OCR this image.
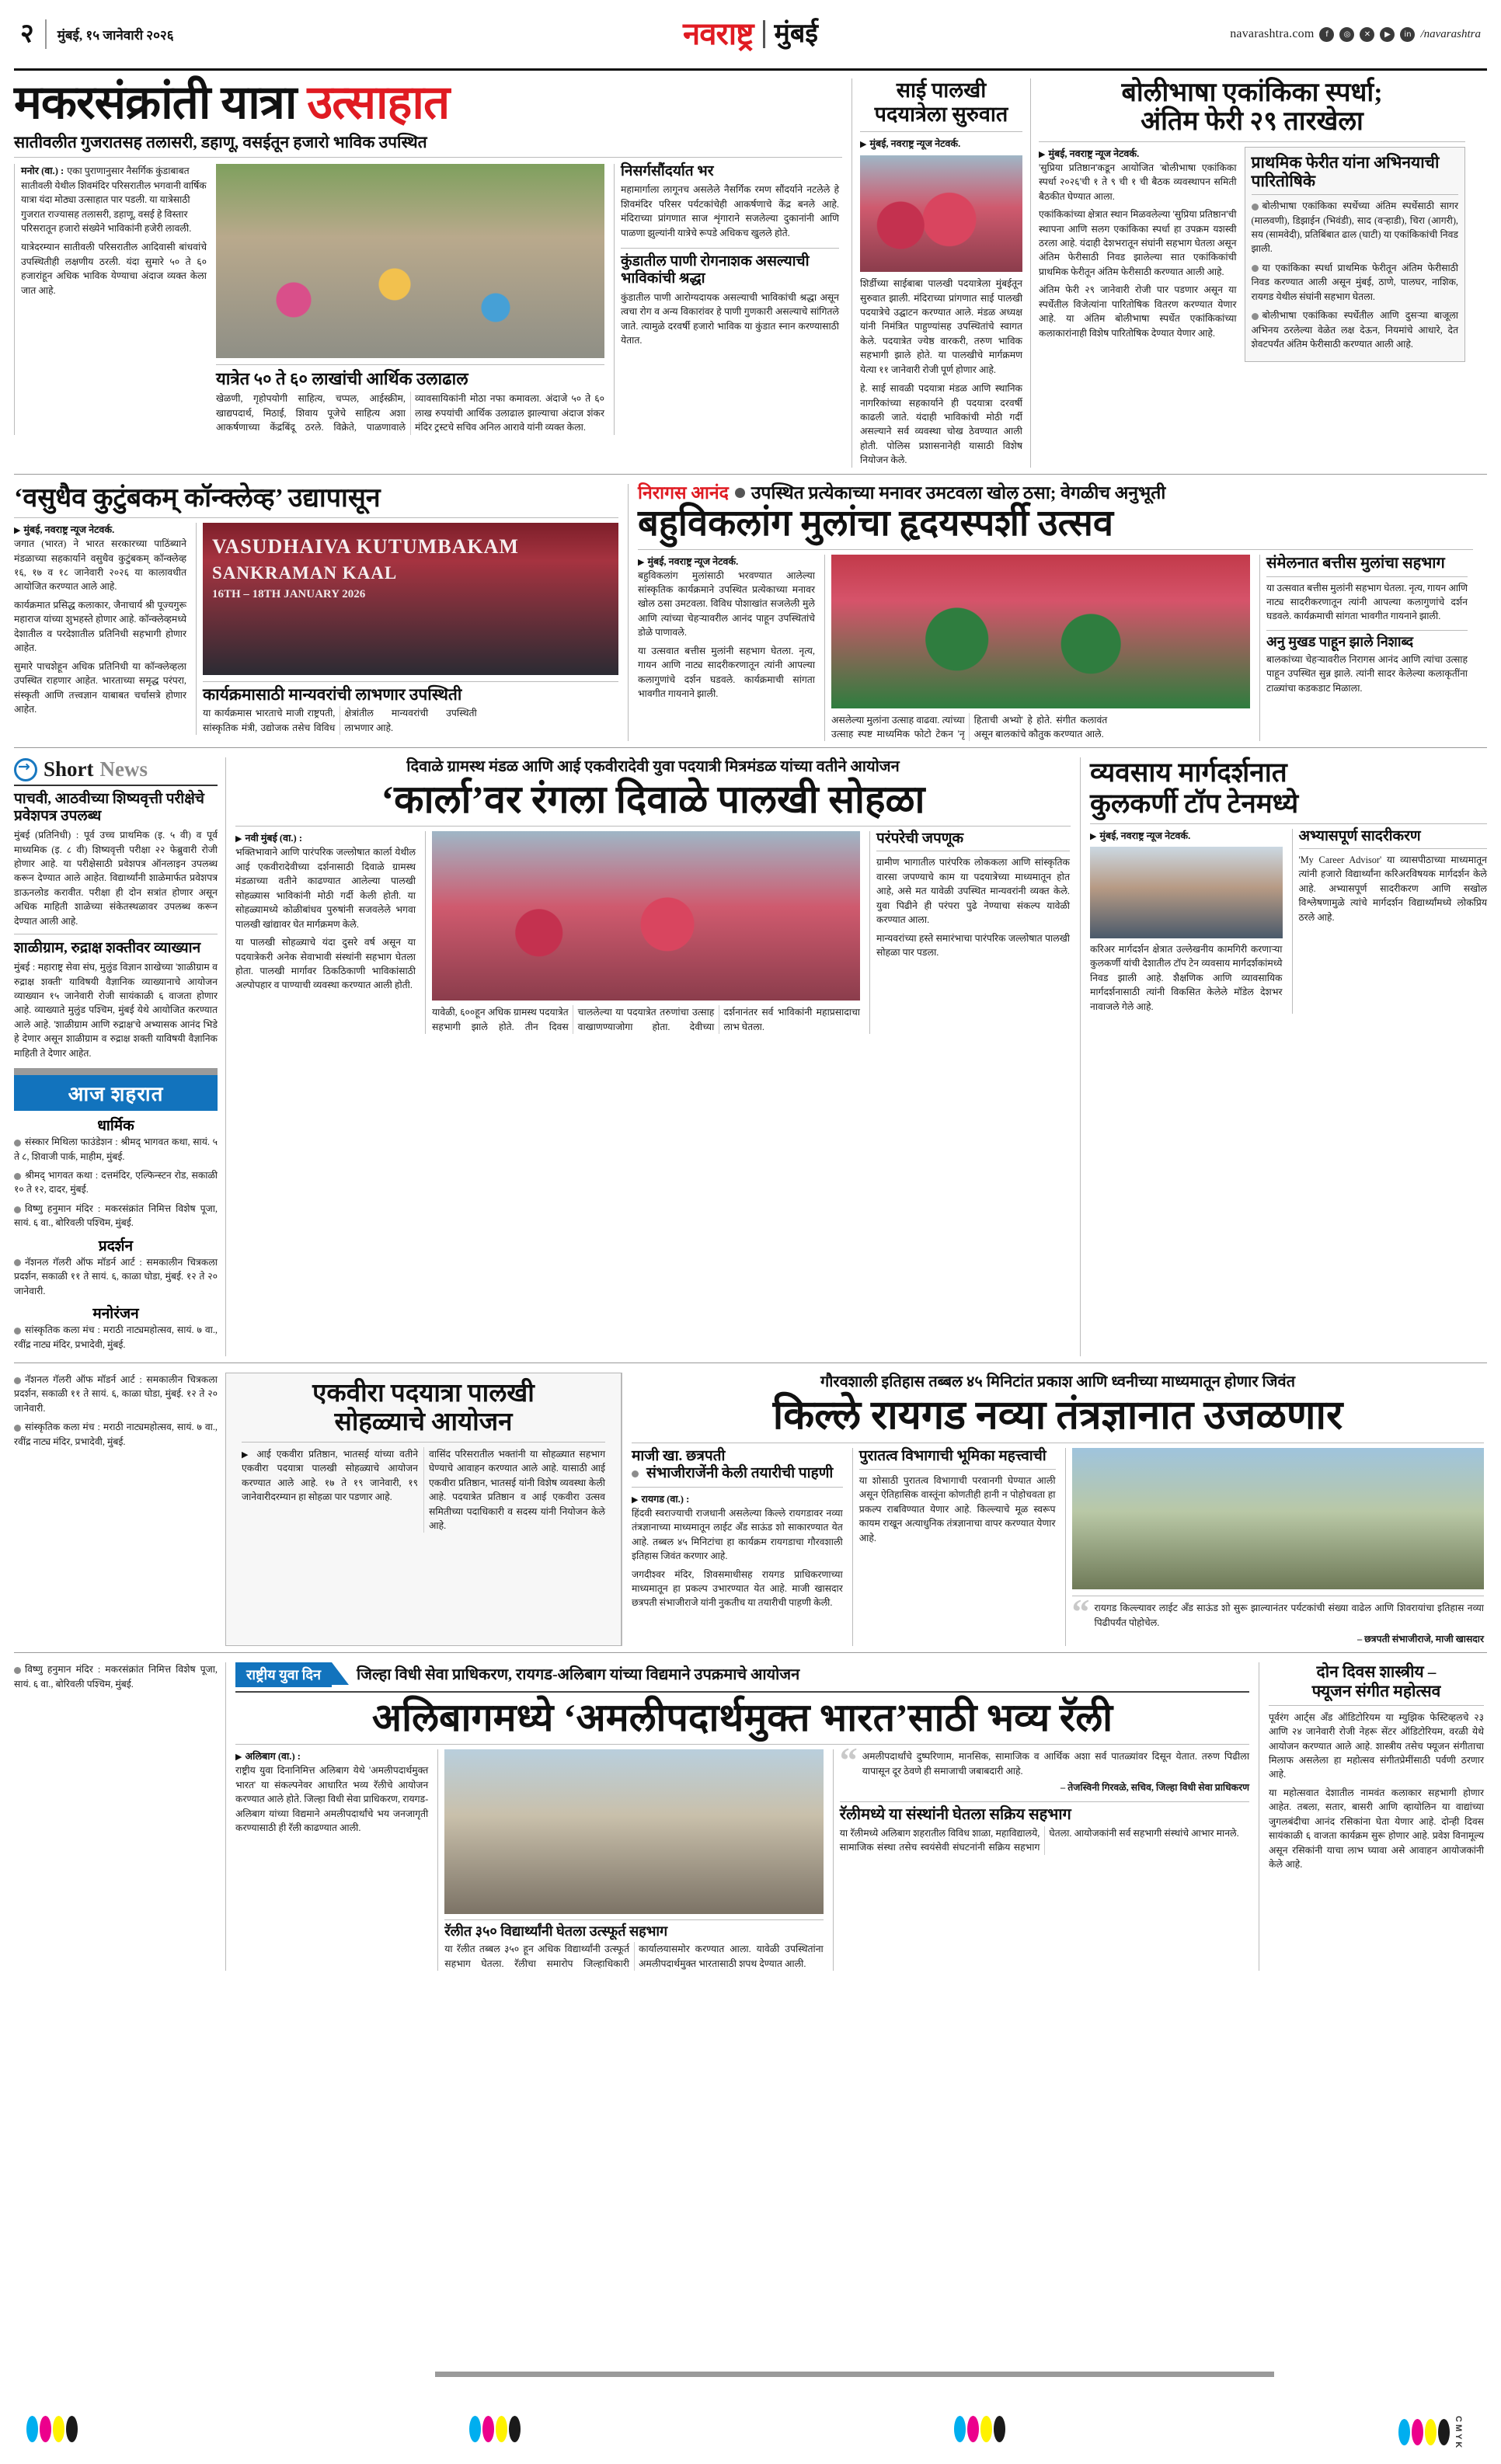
२ मुंबई, १५ जानेवारी २०२६	नवराष्ट्र मुंबई	navarashtra.com	f	◎	✕	▶	in /navarashtra
मकरसंक्रांती यात्रा उत्साहात
सातीवलीत गुजरातसह तलासरी, डहाणू, वसईतून हजारो भाविक उपस्थित
मनोर (वा.) : एका पुराणानुसार नैसर्गिक कुंडाबाबत सातीवली येथील शिवमंदिर परिसरातील भगवानी वार्षिक यात्रा यंदा मोठ्या उत्साहात पार पडली. या यात्रेसाठी गुजरात राज्यासह तलासरी, डहाणू, वसई हे विस्तार परिसरातून हजारो संख्येने भाविकांनी हजेरी लावली.

यात्रेदरम्यान सातीवली परिसरातील आदिवासी बांधवांचे उपस्थितीही लक्षणीय ठरली. यंदा सुमारे ५० ते ६० हजारांहून अधिक भाविक येण्याचा अंदाज व्यक्त केला जात आहे.

यात्रेत ५० ते ६० लाखांची आर्थिक उलाढाल

खेळणी, गृहोपयोगी साहित्य, चप्पल, आईस्क्रीम, खाद्यपदार्थ, मिठाई, शिवाय पूजेचे साहित्य अशा आकर्षणाच्या केंद्रबिंदू ठरले. विक्रेते, पाळणावाले व्यावसायिकांनी मोठा नफा कमावला. अंदाजे ५० ते ६० लाख रुपयांची आर्थिक उलाढाल झाल्याचा अंदाज शंकर मंदिर ट्रस्टचे सचिव अनिल आरावे यांनी व्यक्त केला.

निसर्गसौंदर्यात भर

महामार्गाला लागूनच असलेले नैसर्गिक रमण सौंदर्याने नटलेले हे शिवमंदिर परिसर पर्यटकांचेही आकर्षणाचे केंद्र बनले आहे. मंदिराच्या प्रांगणात साज शृंगाराने सजलेल्या दुकानांनी आणि पाळणा झुल्यांनी यात्रेचे रूपडे अधिकच खुलले होते.

कुंडातील पाणी रोगनाशक असल्याची भाविकांची श्रद्धा

कुंडातील पाणी आरोग्यदायक असल्याची भाविकांची श्रद्धा असून त्वचा रोग व अन्य विकारांवर हे पाणी गुणकारी असल्याचे सांगितले जाते. त्यामुळे दरवर्षी हजारो भाविक या कुंडात स्नान करण्यासाठी येतात.

साई पालखी पदयात्रेला सुरुवात
▶ मुंबई, नवराष्ट्र न्यूज नेटवर्क.

शिर्डीच्या साईबाबा पालखी पदयात्रेला मुंबईतून सुरुवात झाली. मंदिराच्या प्रांगणात साई पालखी पदयात्रेचे उद्घाटन करण्यात आले. मंडळ अध्यक्ष यांनी निमंत्रित पाहुण्यांसह उपस्थितांचे स्वागत केले. पदयात्रेत ज्येष्ठ वारकरी, तरुण भाविक सहभागी झाले होते. या पालखीचे मार्गक्रमण येत्या ११ जानेवारी रोजी पूर्ण होणार आहे.

हे. साई सावळी पदयात्रा मंडळ आणि स्थानिक नागरिकांच्या सहकार्याने ही पदयात्रा दरवर्षी काढली जाते. यंदाही भाविकांची मोठी गर्दी असल्याने सर्व व्यवस्था चोख ठेवण्यात आली होती. पोलिस प्रशासनानेही यासाठी विशेष नियोजन केले.

बोलीभाषा एकांकिका स्पर्धा;
अंतिम फेरी २९ तारखेला
▶ मुंबई, नवराष्ट्र न्यूज नेटवर्क.

'सुप्रिया प्रतिष्ठान'कडून आयोजित 'बोलीभाषा एकांकिका स्पर्धा २०२६'ची १ ते ९ ची १ ची बैठक व्यवस्थापन समिती बैठकीत घेण्यात आला.

एकांकिकांच्या क्षेत्रात स्थान मिळवलेल्या 'सुप्रिया प्रतिष्ठान'ची स्थापना आणि सलग एकांकिका स्पर्धा हा उपक्रम यशस्वी ठरला आहे. यंदाही देशभरातून संघांनी सहभाग घेतला असून अंतिम फेरीसाठी निवड झालेल्या सात एकांकिकांची प्राथमिक फेरीतून अंतिम फेरीसाठी करण्यात आली आहे.

अंतिम फेरी २९ जानेवारी रोजी पार पडणार असून या स्पर्धेतील विजेत्यांना पारितोषिक वितरण करण्यात येणार आहे. या अंतिम बोलीभाषा स्पर्धेत एकांकिकांच्या कलाकारांनाही विशेष पारितोषिक देण्यात येणार आहे.

प्राथमिक फेरीत यांना अभिनयाची पारितोषिके
बोलीभाषा एकांकिका स्पर्धेच्या अंतिम स्पर्धेसाठी सागर (मालवणी), डिझाईन (भिवंडी), साद (वऱ्हाडी), चिरा (आगरी), सय (सामवेदी), प्रतिबिंबात ढाल (घाटी) या एकांकिकांची निवड झाली.
या एकांकिका स्पर्धा प्राथमिक फेरीतून अंतिम फेरीसाठी निवड करण्यात आली असून मुंबई, ठाणे, पालघर, नाशिक, रायगड येथील संघांनी सहभाग घेतला.
बोलीभाषा एकांकिका स्पर्धेतील आणि दुसऱ्या बाजूला अभिनय ठरलेल्या वेळेत लक्ष देऊन, नियमांचे आधारे, देत शेवटपर्यंत अंतिम फेरीसाठी करण्यात आली आहे.
‘वसुधैव कुटुंबकम् कॉन्क्लेव्ह’ उद्यापासून
▶ मुंबई, नवराष्ट्र न्यूज नेटवर्क.

जगात (भारत) ने भारत सरकारच्या पाठिंब्याने मंडळाच्या सहकार्याने वसुधैव कुटुंबकम् कॉन्क्लेव्ह १६, १७ व १८ जानेवारी २०२६ या कालावधीत आयोजित करण्यात आले आहे.

कार्यक्रमात प्रसिद्ध कलाकार, जैनाचार्य श्री पूज्यगुरू महाराज यांच्या शुभहस्ते होणार आहे. कॉन्क्लेव्हमध्ये देशातील व परदेशातील प्रतिनिधी सहभागी होणार आहेत.

सुमारे पाचशेहून अधिक प्रतिनिधी या कॉन्क्लेव्हला उपस्थित राहणार आहेत. भारताच्या समृद्ध परंपरा, संस्कृती आणि तत्त्वज्ञान याबाबत चर्चासत्रे होणार आहेत.

VASUDHAIVA KUTUMBAKAM
SANKRAMAN KAAL
16TH – 18TH JANUARY 2026
कार्यक्रमासाठी मान्यवरांची लाभणार उपस्थिती

या कार्यक्रमास भारताचे माजी राष्ट्रपती, सांस्कृतिक मंत्री, उद्योजक तसेच विविध क्षेत्रांतील मान्यवरांची उपस्थिती लाभणार आहे.

निरागस आनंद उपस्थित प्रत्येकाच्या मनावर उमटवला खोल ठसा; वेगळीच अनुभूती
बहुविकलांग मुलांचा हृदयस्पर्शी उत्सव
▶ मुंबई, नवराष्ट्र न्यूज नेटवर्क.

बहुविकलांग मुलांसाठी भरवण्यात आलेल्या सांस्कृतिक कार्यक्रमाने उपस्थित प्रत्येकाच्या मनावर खोल ठसा उमटवला. विविध पोशाखांत सजलेली मुले आणि त्यांच्या चेहऱ्यावरील आनंद पाहून उपस्थितांचे डोळे पाणावले.

या उत्सवात बत्तीस मुलांनी सहभाग घेतला. नृत्य, गायन आणि नाट्य सादरीकरणातून त्यांनी आपल्या कलागुणांचे दर्शन घडवले. कार्यक्रमाची सांगता भावगीत गायनाने झाली.

असलेल्या मुलांना उत्साह वाढवा. त्यांच्या उत्साह स्पष्ट माध्यमिक फोटो टेकन 'नृ हिताची अभ्यो' हे होते. संगीत कलावंत असून बालकांचे कौतुक करण्यात आले.

संमेलनात बत्तीस मुलांचा सहभाग

या उत्सवात बत्तीस मुलांनी सहभाग घेतला. नृत्य, गायन आणि नाट्य सादरीकरणातून त्यांनी आपल्या कलागुणांचे दर्शन घडवले. कार्यक्रमाची सांगता भावगीत गायनाने झाली.

अनु मुखड पाहून झाले निशाब्द

बालकांच्या चेहऱ्यावरील निरागस आनंद आणि त्यांचा उत्साह पाहून उपस्थित सुन्न झाले. त्यांनी सादर केलेल्या कलाकृतींना टाळ्यांचा कडकडाट मिळाला.

→
Short News
पाचवी, आठवीच्या शिष्यवृत्ती परीक्षेचे प्रवेशपत्र उपलब्ध

मुंबई (प्रतिनिधी) : पूर्व उच्च प्राथमिक (इ. ५ वी) व पूर्व माध्यमिक (इ. ८ वी) शिष्यवृत्ती परीक्षा २२ फेब्रुवारी रोजी होणार आहे. या परीक्षेसाठी प्रवेशपत्र ऑनलाइन उपलब्ध करून देण्यात आले आहेत. विद्यार्थ्यांनी शाळेमार्फत प्रवेशपत्र डाऊनलोड करावीत. परीक्षा ही दोन सत्रांत होणार असून अधिक माहिती शाळेच्या संकेतस्थळावर उपलब्ध करून देण्यात आली आहे.

शाळीग्राम, रुद्राक्ष शक्तीवर व्याख्यान

मुंबई : महाराष्ट्र सेवा संघ, मुलुंड विज्ञान शाखेच्या 'शाळीग्राम व रुद्राक्ष शक्ती' याविषयी वैज्ञानिक व्याख्यानाचे आयोजन व्याख्यान १५ जानेवारी रोजी सायंकाळी ६ वाजता होणार आहे. व्याख्याते मुलुंड पश्चिम, मुंबई येथे आयोजित करण्यात आले आहे. 'शाळीग्राम आणि रुद्राक्ष'चे अभ्यासक आनंद भिडे हे देणार असून शाळीग्राम व रुद्राक्ष शक्ती याविषयी वैज्ञानिक माहिती ते देणार आहेत.

आज शहरात
धार्मिक
संस्कार मिथिला फाउंडेशन : श्रीमद् भागवत कथा, सायं. ५ ते ८, शिवाजी पार्क, माहीम, मुंबई.
श्रीमद् भागवत कथा : दत्तमंदिर, एल्फिन्स्टन रोड, सकाळी १० ते १२, दादर, मुंबई.
विष्णु हनुमान मंदिर : मकरसंक्रांत निमित्त विशेष पूजा, सायं. ६ वा., बोरिवली पश्चिम, मुंबई.
प्रदर्शन
नॅशनल गॅलरी ऑफ मॉडर्न आर्ट : समकालीन चित्रकला प्रदर्शन, सकाळी ११ ते सायं. ६, काळा घोडा, मुंबई. १२ ते २० जानेवारी.
मनोरंजन
सांस्कृतिक कला मंच : मराठी नाट्यमहोत्सव, सायं. ७ वा., रवींद्र नाट्य मंदिर, प्रभादेवी, मुंबई.
दिवाळे ग्रामस्थ मंडळ आणि आई एकवीरादेवी युवा पदयात्री मित्रमंडळ यांच्या वतीने आयोजन
‘कार्ला’वर रंगला दिवाळे पालखी सोहळा
▶ नवी मुंबई (वा.) :

भक्तिभावाने आणि पारंपरिक जल्लोषात कार्ला येथील आई एकवीरादेवीच्या दर्शनासाठी दिवाळे ग्रामस्थ मंडळाच्या वतीने काढण्यात आलेल्या पालखी सोहळ्यास भाविकांनी मोठी गर्दी केली होती. या सोहळ्यामध्ये कोळीबांधव पुरुषांनी सजवलेले भगवा पालखी खांद्यावर घेत मार्गक्रमण केले.

या पालखी सोहळ्याचे यंदा दुसरे वर्ष असून या पदयात्रेकरी अनेक सेवाभावी संस्थांनी सहभाग घेतला होता. पालखी मार्गावर ठिकठिकाणी भाविकांसाठी अल्पोपहार व पाण्याची व्यवस्था करण्यात आली होती.

यावेळी, ६००हून अधिक ग्रामस्थ पदयात्रेत सहभागी झाले होते. तीन दिवस चाललेल्या या पदयात्रेत तरुणांचा उत्साह वाखाणण्याजोगा होता. देवीच्या दर्शनानंतर सर्व भाविकांनी महाप्रसादाचा लाभ घेतला.

परंपरेची जपणूक

ग्रामीण भागातील पारंपरिक लोककला आणि सांस्कृतिक वारसा जपण्याचे काम या पदयात्रेच्या माध्यमातून होत आहे, असे मत यावेळी उपस्थित मान्यवरांनी व्यक्त केले. युवा पिढीने ही परंपरा पुढे नेण्याचा संकल्प यावेळी करण्यात आला.

मान्यवरांच्या हस्ते समारंभाचा पारंपरिक जल्लोषात पालखी सोहळा पार पडला.

व्यवसाय मार्गदर्शनात
कुलकर्णी टॉप टेनमध्ये
▶ मुंबई, नवराष्ट्र न्यूज नेटवर्क.

करिअर मार्गदर्शन क्षेत्रात उल्लेखनीय कामगिरी करणाऱ्या कुलकर्णी यांची देशातील टॉप टेन व्यवसाय मार्गदर्शकांमध्ये निवड झाली आहे. शैक्षणिक आणि व्यावसायिक मार्गदर्शनासाठी त्यांनी विकसित केलेले मॉडेल देशभर नावाजले गेले आहे.

अभ्यासपूर्ण सादरीकरण

'My Career Advisor' या व्यासपीठाच्या माध्यमातून त्यांनी हजारो विद्यार्थ्यांना करिअरविषयक मार्गदर्शन केले आहे. अभ्यासपूर्ण सादरीकरण आणि सखोल विश्लेषणामुळे त्यांचे मार्गदर्शन विद्यार्थ्यांमध्ये लोकप्रिय ठरले आहे.

नॅशनल गॅलरी ऑफ मॉडर्न आर्ट : समकालीन चित्रकला प्रदर्शन, सकाळी ११ ते सायं. ६, काळा घोडा, मुंबई. १२ ते २० जानेवारी.
सांस्कृतिक कला मंच : मराठी नाट्यमहोत्सव, सायं. ७ वा., रवींद्र नाट्य मंदिर, प्रभादेवी, मुंबई.
एकवीरा पदयात्रा पालखी
सोहळ्याचे आयोजन
▶ आई एकवीरा प्रतिष्ठान, भातसई यांच्या वतीने एकवीरा पदयात्रा पालखी सोहळ्याचे आयोजन करण्यात आले आहे. १७ ते १९ जानेवारी, १९ जानेवारीदरम्यान हा सोहळा पार पडणार आहे.
वासिंद परिसरातील भक्तांनी या सोहळ्यात सहभाग घेण्याचे आवाहन करण्यात आले आहे. यासाठी आई एकवीरा प्रतिष्ठान, भातसई यांनी विशेष व्यवस्था केली आहे. पदयात्रेत प्रतिष्ठान व आई एकवीरा उत्सव समितीच्या पदाधिकारी व सदस्य यांनी नियोजन केले आहे.
गौरवशाली इतिहास तब्बल ४५ मिनिटांत प्रकाश आणि ध्वनीच्या माध्यमातून होणार जिवंत
किल्ले रायगड नव्या तंत्रज्ञानात उजळणार
माजी खा. छत्रपती
संभाजीराजेंनी केली तयारीची पाहणी
▶ रायगड (वा.) :

हिंदवी स्वराज्याची राजधानी असलेल्या किल्ले रायगडावर नव्या तंत्रज्ञानाच्या माध्यमातून लाईट अँड साऊंड शो साकारण्यात येत आहे. तब्बल ४५ मिनिटांचा हा कार्यक्रम रायगडाचा गौरवशाली इतिहास जिवंत करणार आहे.

जगदीश्वर मंदिर, शिवसमाधीसह रायगड प्राधिकरणाच्या माध्यमातून हा प्रकल्प उभारण्यात येत आहे. माजी खासदार छत्रपती संभाजीराजे यांनी नुकतीच या तयारीची पाहणी केली.

पुरातत्व विभागाची भूमिका महत्त्वाची

या शोसाठी पुरातत्व विभागाची परवानगी घेण्यात आली असून ऐतिहासिक वास्तूंना कोणतीही हानी न पोहोचवता हा प्रकल्प राबविण्यात येणार आहे. किल्ल्याचे मूळ स्वरूप कायम राखून अत्याधुनिक तंत्रज्ञानाचा वापर करण्यात येणार आहे.

“ रायगड किल्ल्यावर लाईट अँड साऊंड शो सुरू झाल्यानंतर पर्यटकांची संख्या वाढेल आणि शिवरायांचा इतिहास नव्या पिढीपर्यंत पोहोचेल.

– छत्रपती संभाजीराजे, माजी खासदार

विष्णु हनुमान मंदिर : मकरसंक्रांत निमित्त विशेष पूजा, सायं. ६ वा., बोरिवली पश्चिम, मुंबई.
राष्ट्रीय युवा दिन	जिल्हा विधी सेवा प्राधिकरण, रायगड-अलिबाग यांच्या विद्यमाने उपक्रमाचे आयोजन
अलिबागमध्ये ‘अमलीपदार्थमुक्त भारत’साठी भव्य रॅली
▶ अलिबाग (वा.) :

राष्ट्रीय युवा दिनानिमित्त अलिबाग येथे 'अमलीपदार्थमुक्त भारत' या संकल्पनेवर आधारित भव्य रॅलीचे आयोजन करण्यात आले होते. जिल्हा विधी सेवा प्राधिकरण, रायगड-अलिबाग यांच्या विद्यमाने अमलीपदार्थांचे भय जनजागृती करण्यासाठी ही रॅली काढण्यात आली.

रॅलीत ३५० विद्यार्थ्यांनी घेतला उत्स्फूर्त सहभाग

या रॅलीत तब्बल ३५० हून अधिक विद्यार्थ्यांनी उत्स्फूर्त सहभाग घेतला. रॅलीचा समारोप जिल्हाधिकारी कार्यालयासमोर करण्यात आला. यावेळी उपस्थितांना अमलीपदार्थमुक्त भारतासाठी शपथ देण्यात आली.

“ अमलीपदार्थांचे दुष्परिणाम, मानसिक, सामाजिक व आर्थिक अशा सर्व पातळ्यांवर दिसून येतात. तरुण पिढीला यापासून दूर ठेवणे ही समाजाची जबाबदारी आहे.

– तेजस्विनी गिरवळे, सचिव, जिल्हा विधी सेवा प्राधिकरण

रॅलीमध्ये या संस्थांनी घेतला सक्रिय सहभाग

या रॅलीमध्ये अलिबाग शहरातील विविध शाळा, महाविद्यालये, सामाजिक संस्था तसेच स्वयंसेवी संघटनांनी सक्रिय सहभाग घेतला. आयोजकांनी सर्व सहभागी संस्थांचे आभार मानले.

दोन दिवस शास्त्रीय –
फ्यूजन संगीत महोत्सव

पूर्वरंग आर्ट्स अँड ऑडिटोरियम या म्युझिक फेस्टिव्हलचे २३ आणि २४ जानेवारी रोजी नेहरू सेंटर ऑडिटोरियम, वरळी येथे आयोजन करण्यात आले आहे. शास्त्रीय तसेच फ्यूजन संगीताचा मिलाफ असलेला हा महोत्सव संगीतप्रेमींसाठी पर्वणी ठरणार आहे.

या महोत्सवात देशातील नामवंत कलाकार सहभागी होणार आहेत. तबला, सतार, बासरी आणि व्हायोलिन या वाद्यांच्या जुगलबंदीचा आनंद रसिकांना घेता येणार आहे. दोन्ही दिवस सायंकाळी ६ वाजता कार्यक्रम सुरू होणार आहे. प्रवेश विनामूल्य असून रसिकांनी याचा लाभ घ्यावा असे आवाहन आयोजकांनी केले आहे.

C M Y K
